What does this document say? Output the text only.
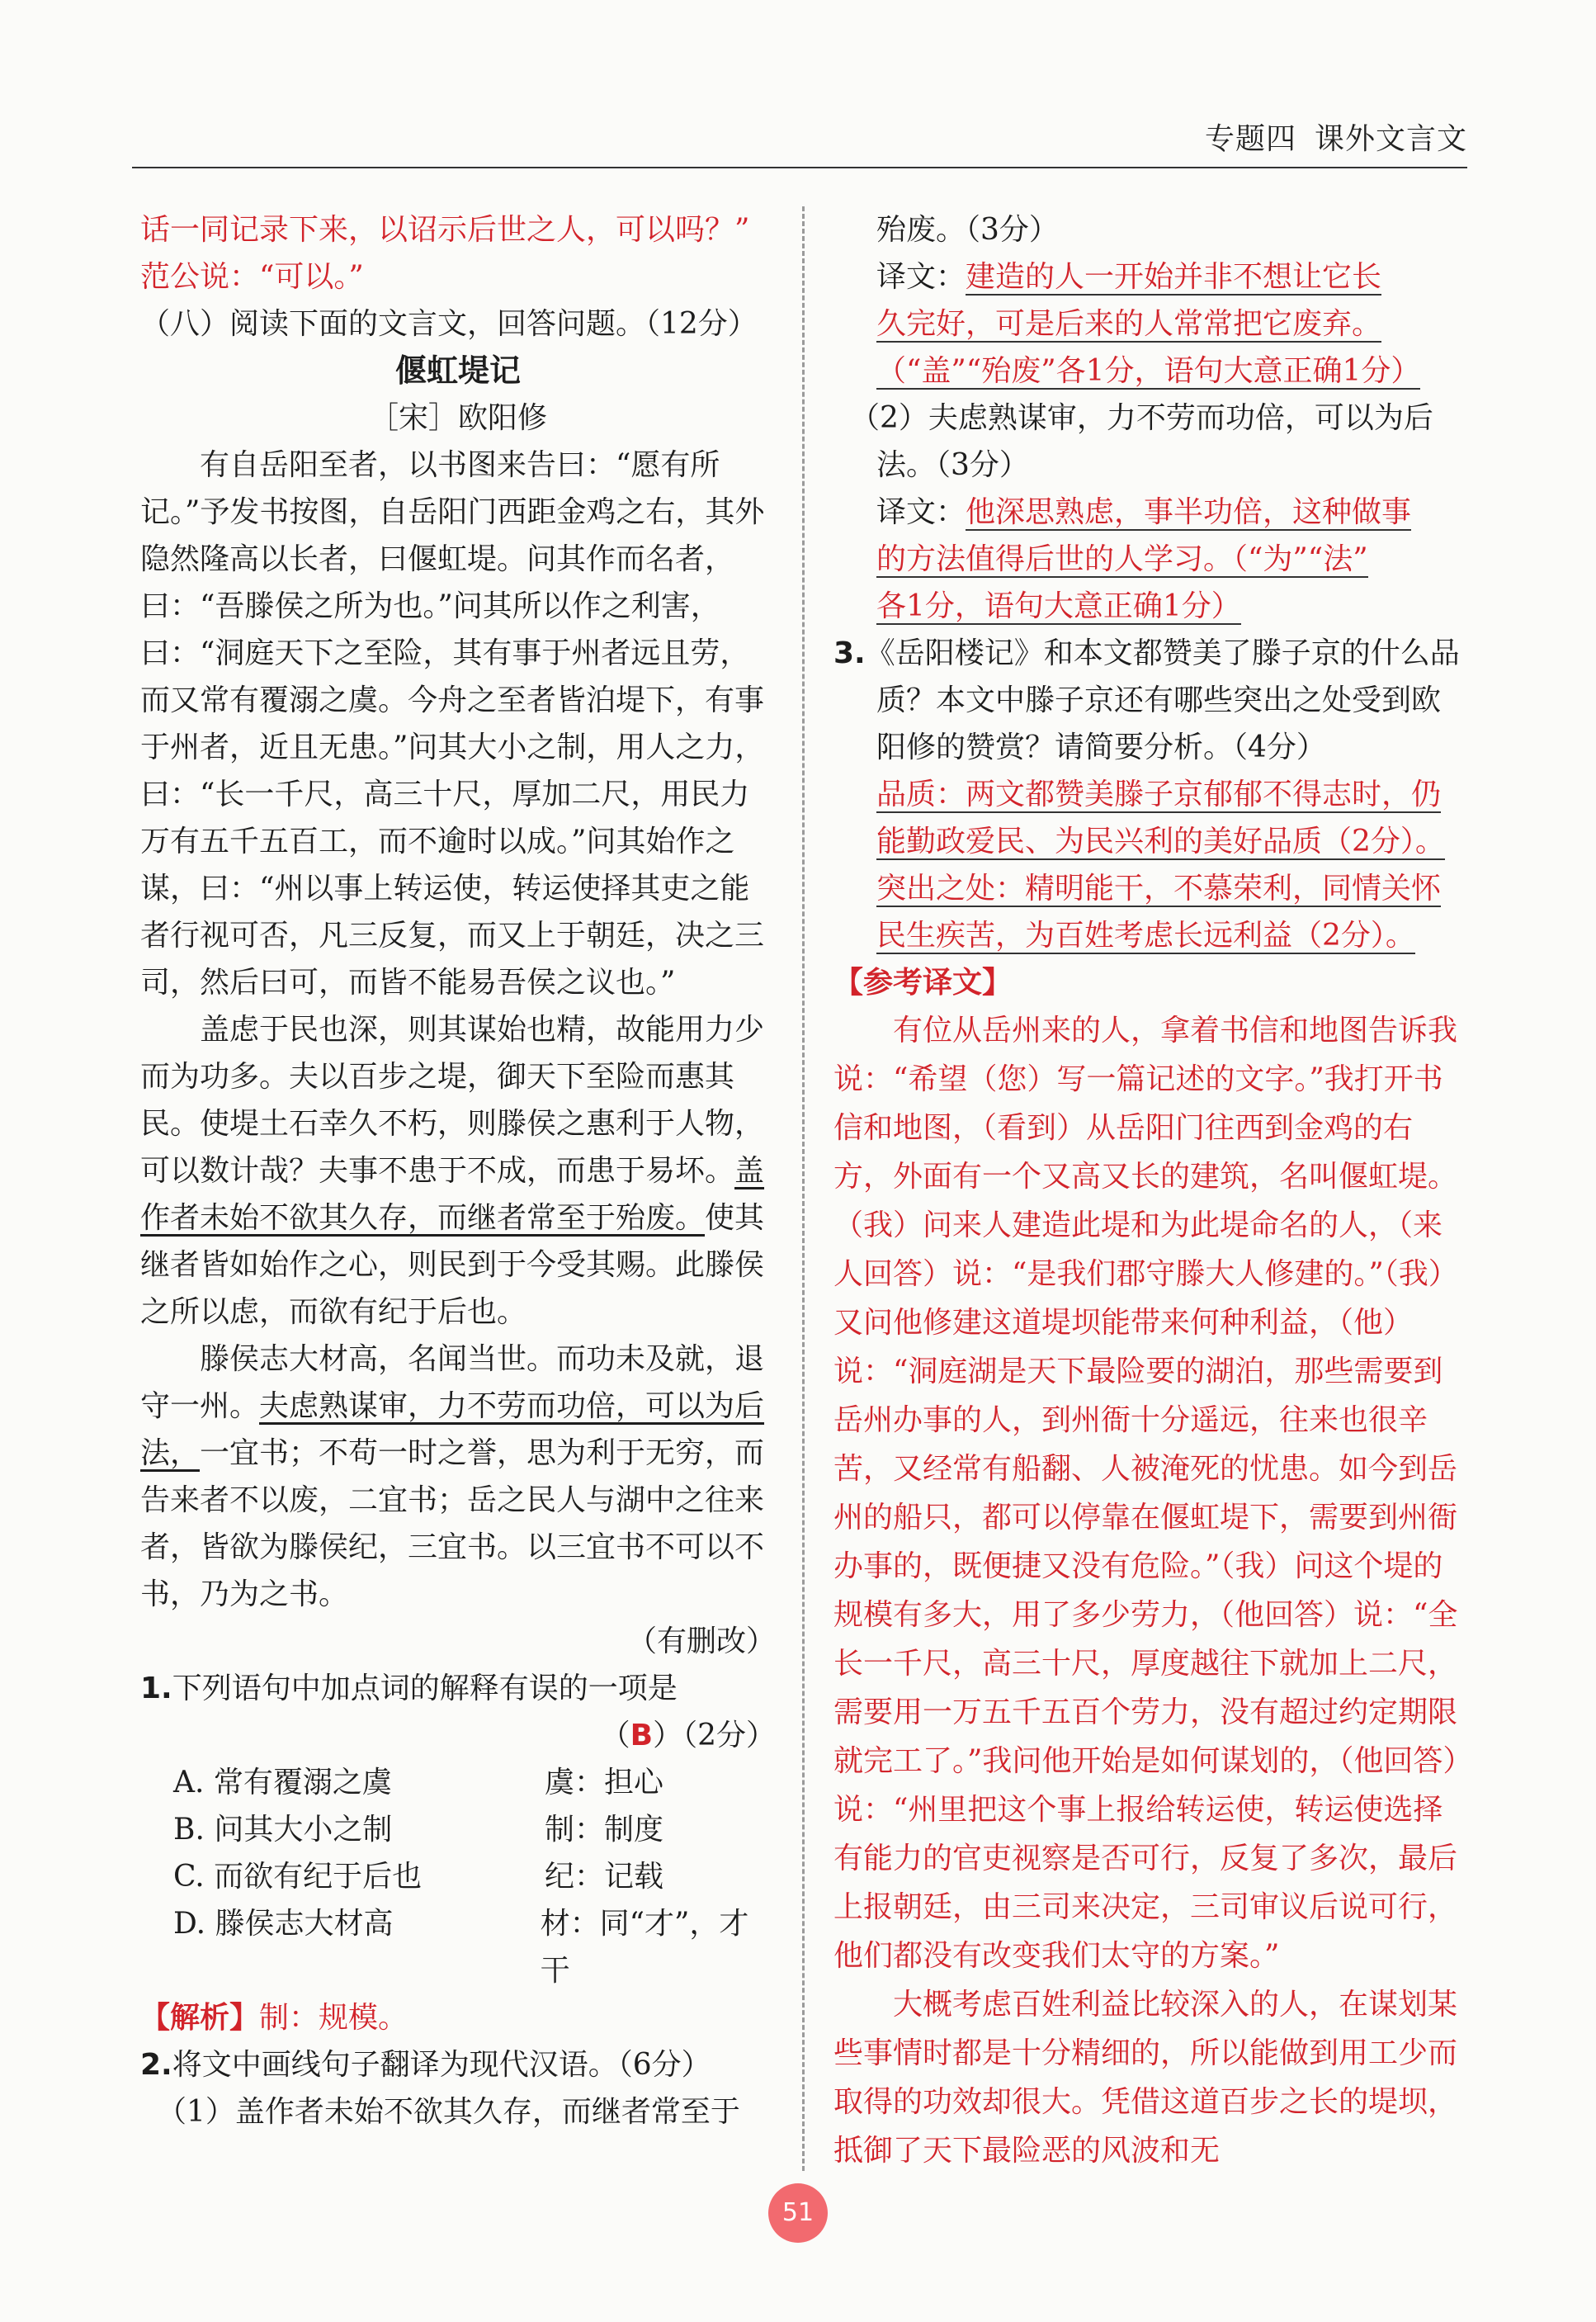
专题四 课外文言文

话一同记录下来，以诏示后世之人，可以吗？”

范公说：“可以。”

（八）阅读下面的文言文，回答问题。（12分）

偃虹堤记

［宋］欧阳修

有自岳阳至者，以书图来告曰：“愿有所记。”予发书按图，自岳阳门西距金鸡之右，其外隐然隆高以长者，曰偃虹堤。问其作而名者，曰：“吾滕侯之所为也。”问其所以作之利害，曰：“洞庭天下之至险，其有事于州者远且劳，而又常有覆溺之虞。今舟之至者皆泊堤下，有事于州者，近且无患。”问其大小之制，用人之力，曰：“长一千尺，高三十尺，厚加二尺，用民力万有五千五百工，而不逾时以成。”问其始作之谋，曰：“州以事上转运使，转运使择其吏之能者行视可否，凡三反复，而又上于朝廷，决之三司，然后曰可，而皆不能易吾侯之议也。”

盖虑于民也深，则其谋始也精，故能用力少而为功多。夫以百步之堤，御天下至险而惠其民。使堤土石幸久不朽，则滕侯之惠利于人物，可以数计哉？夫事不患于不成，而患于易坏。盖作者未始不欲其久存，而继者常至于殆废。使其继者皆如始作之心，则民到于今受其赐。此滕侯之所以虑，而欲有纪于后也。

滕侯志大材高，名闻当世。而功未及就，退守一州。夫虑熟谋审，力不劳而功倍，可以为后法，一宜书；不苟一时之誉，思为利于无穷，而告来者不以废，二宜书；岳之民人与湖中之往来者，皆欲为滕侯纪，三宜书。以三宜书不可以不书，乃为之书。

（有删改）

1.下列语句中加点词的解释有误的一项是

（B）（2分）

A. 常有覆溺之虞	虞：担心
B. 问其大小之制	制：制度
C. 而欲有纪于后也	纪：记载
D. 滕侯志大材高	材：同“才”，才干

【解析】制：规模。

2.将文中画线句子翻译为现代汉语。（6分）

（1）盖作者未始不欲其久存，而继者常至于

殆废。（3分）

译文：建造的人一开始并非不想让它长

久完好，可是后来的人常常把它废弃。

（“盖”“殆废”各1分，语句大意正确1分）

（2）夫虑熟谋审，力不劳而功倍，可以为后

法。（3分）

译文：他深思熟虑，事半功倍，这种做事

的方法值得后世的人学习。（“为”“法”

各1分，语句大意正确1分）

3.《岳阳楼记》和本文都赞美了滕子京的什么品质？本文中滕子京还有哪些突出之处受到欧阳修的赞赏？请简要分析。（4分）

品质：两文都赞美滕子京郁郁不得志时，仍

能勤政爱民、为民兴利的美好品质（2分）。

突出之处：精明能干，不慕荣利，同情关怀

民生疾苦，为百姓考虑长远利益（2分）。

【参考译文】

有位从岳州来的人，拿着书信和地图告诉我说：“希望（您）写一篇记述的文字。”我打开书信和地图，（看到）从岳阳门往西到金鸡的右方，外面有一个又高又长的建筑，名叫偃虹堤。（我）问来人建造此堤和为此堤命名的人，（来人回答）说：“是我们郡守滕大人修建的。”（我）又问他修建这道堤坝能带来何种利益，（他）说：“洞庭湖是天下最险要的湖泊，那些需要到岳州办事的人，到州衙十分遥远，往来也很辛苦，又经常有船翻、人被淹死的忧患。如今到岳州的船只，都可以停靠在偃虹堤下，需要到州衙办事的，既便捷又没有危险。”（我）问这个堤的规模有多大，用了多少劳力，（他回答）说：“全长一千尺，高三十尺，厚度越往下就加上二尺，需要用一万五千五百个劳力，没有超过约定期限就完工了。”我问他开始是如何谋划的，（他回答）说：“州里把这个事上报给转运使，转运使选择有能力的官吏视察是否可行，反复了多次，最后上报朝廷，由三司来决定，三司审议后说可行，他们都没有改变我们太守的方案。”

大概考虑百姓利益比较深入的人，在谋划某些事情时都是十分精细的，所以能做到用工少而取得的功效却很大。凭借这道百步之长的堤坝，抵御了天下最险恶的风波和无

51
